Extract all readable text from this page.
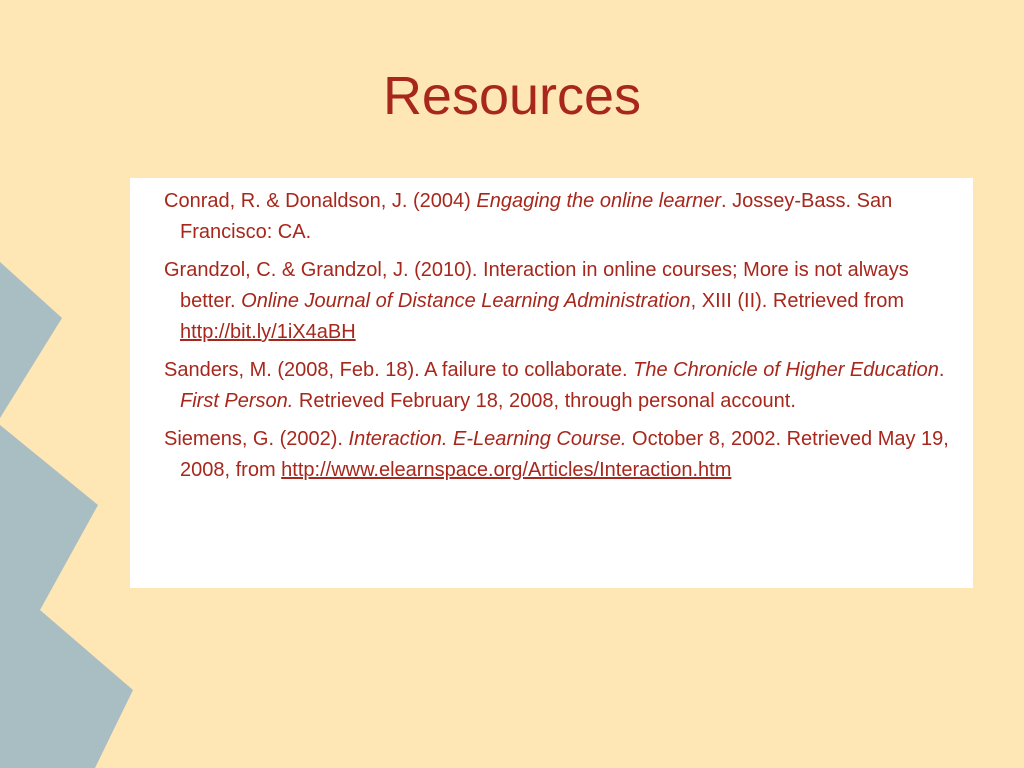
Resources

Conrad, R. & Donaldson, J. (2004) Engaging the online learner. Jossey-Bass. San Francisco: CA.

Grandzol, C. & Grandzol, J. (2010). Interaction in online courses; More is not always better. Online Journal of Distance Learning Administration, XIII (II). Retrieved from http://bit.ly/1iX4aBH

Sanders, M. (2008, Feb. 18). A failure to collaborate. The Chronicle of Higher Education. First Person. Retrieved February 18, 2008, through personal account.

Siemens, G. (2002). Interaction. E-Learning Course. October 8, 2002. Retrieved May 19, 2008, from http://www.elearnspace.org/Articles/Interaction.htm
